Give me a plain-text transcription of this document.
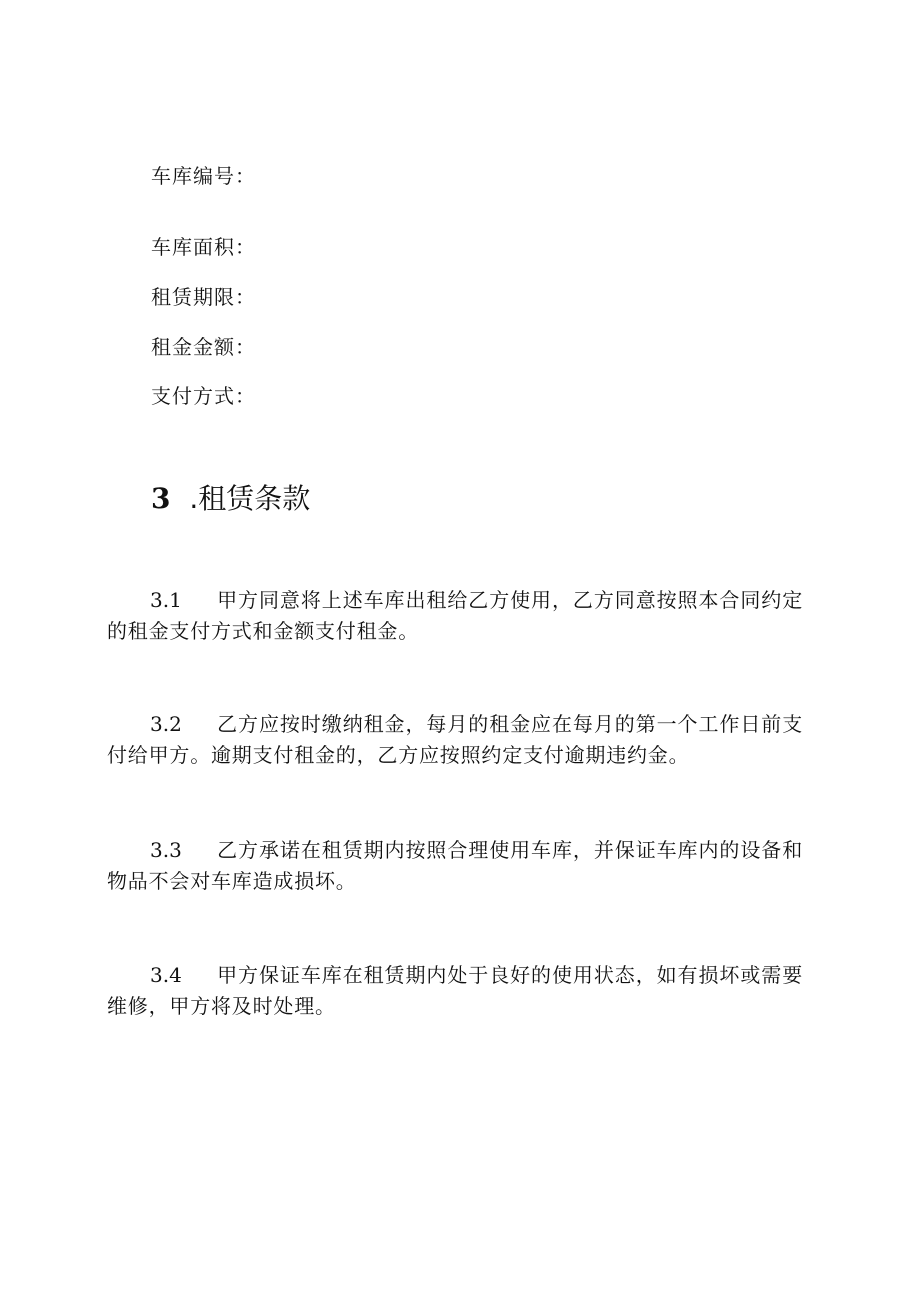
车库编号：
车库面积：
租赁期限：
租金金额：
支付方式：
3 .租赁条款
3.1 甲方同意将上述车库出租给乙方使用，乙方同意按照本合同约定的租金支付方式和金额支付租金。
3.2 乙方应按时缴纳租金，每月的租金应在每月的第一个工作日前支付给甲方。逾期支付租金的，乙方应按照约定支付逾期违约金。
3.3 乙方承诺在租赁期内按照合理使用车库，并保证车库内的设备和物品不会对车库造成损坏。
3.4 甲方保证车库在租赁期内处于良好的使用状态，如有损坏或需要维修，甲方将及时处理。
